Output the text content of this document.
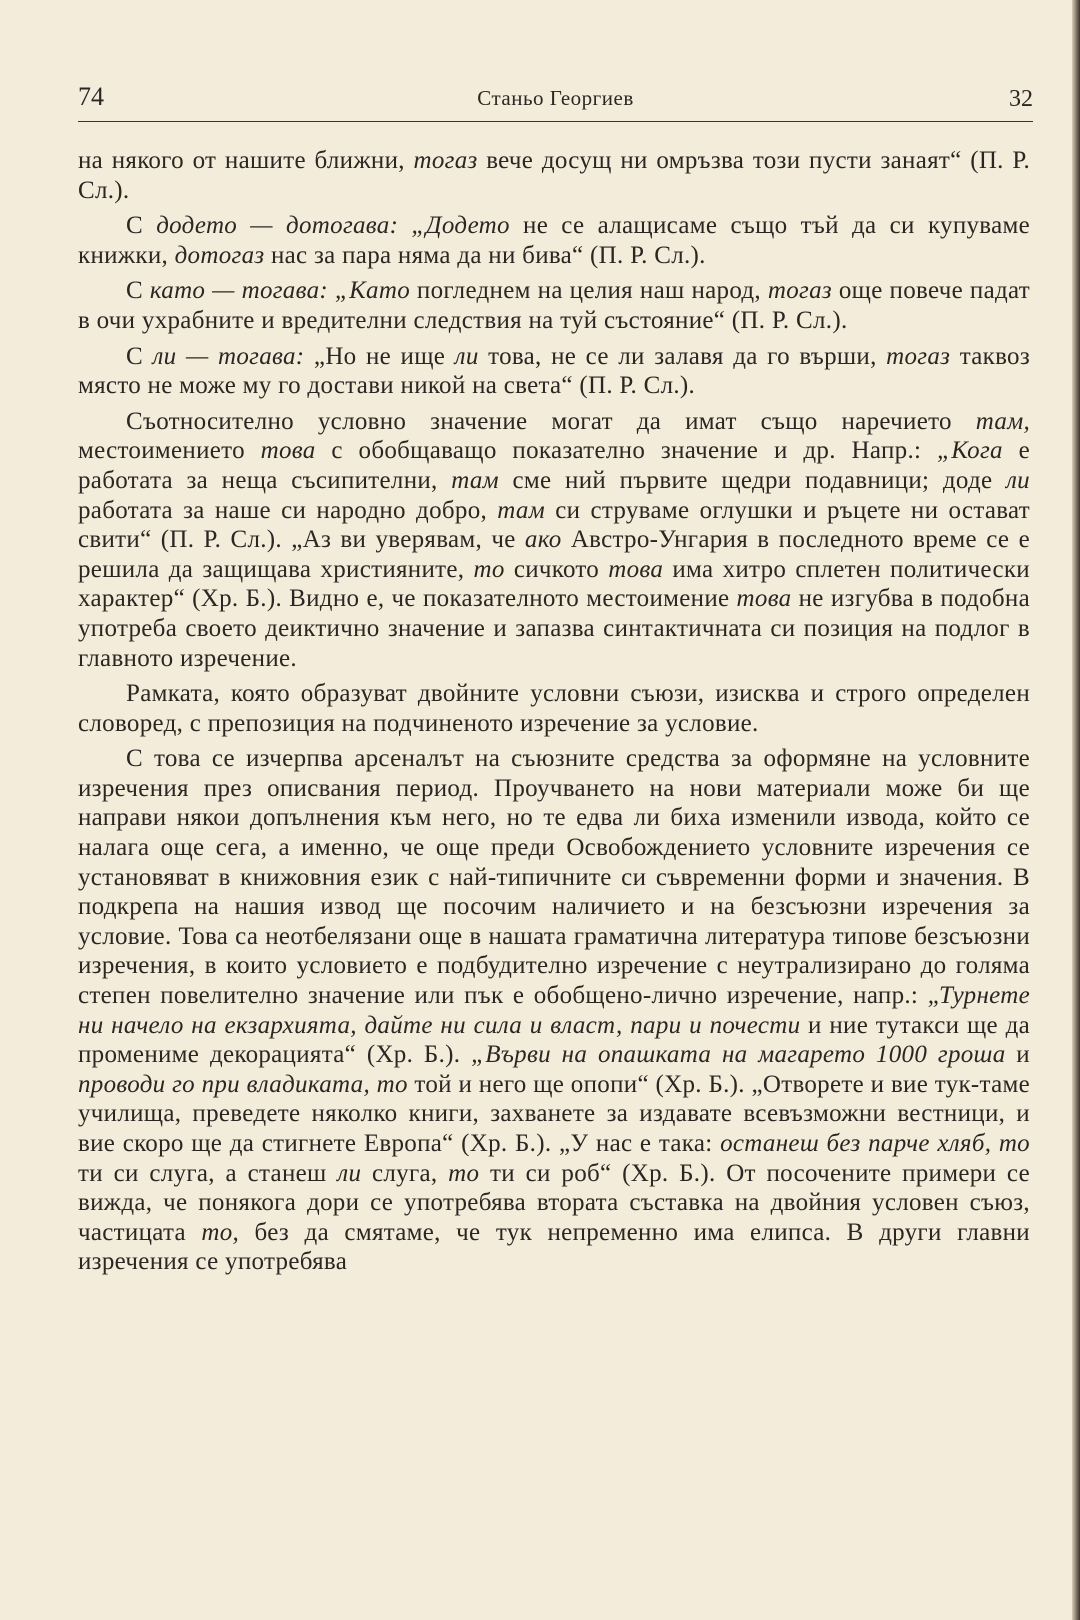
74	Станьо Георгиев	32

на някого от нашите ближни, тогаз вече досущ ни омръзва този пусти занаят“ (П. Р. Сл.).

С додето — дотогава: „Додето не се алащисаме също тъй да си купуваме книжки, дотогаз нас за пара няма да ни бива“ (П. Р. Сл.).

С като — тогава: „Като погледнем на целия наш народ, тогаз още повече падат в очи ухрабните и вредителни следствия на туй състояние“ (П. Р. Сл.).

С ли — тогава: „Но не ище ли това, не се ли залавя да го върши, тогаз таквоз място не може му го достави никой на света“ (П. Р. Сл.).

Съотносително условно значение могат да имат също наречието там, местоимението това с обобщаващо показателно значение и др. Напр.: „Кога е работата за неща съсипителни, там сме ний първите щедри подавници; доде ли работата за наше си народно добро, там си струваме оглушки и ръцете ни остават свити“ (П. Р. Сл.). „Аз ви уверявам, че ако Австро-Унгария в последното време се е решила да защищава християните, то сичкото това има хитро сплетен политически характер“ (Хр. Б.). Видно е, че показателното местоимение това не изгубва в подобна употреба своето деиктично значение и запазва синтактичната си позиция на подлог в главното изречение.

Рамката, която образуват двойните условни съюзи, изисква и строго определен словоред, с препозиция на подчиненото изречение за условие.

С това се изчерпва арсеналът на съюзните средства за оформяне на условните изречения през описвания период. Проучването на нови материали може би ще направи някои допълнения към него, но те едва ли биха изменили извода, който се налага още сега, а именно, че още преди Освобождението условните изречения се установяват в книжовния език с най-типичните си съвременни форми и значения. В подкрепа на нашия извод ще посочим наличието и на безсъюзни изречения за условие. Това са неотбелязани още в нашата граматична литература типове безсъюзни изречения, в които условието е подбудително изречение с неутрализирано до голяма степен повелително значение или пък е обобщено-лично изречение, напр.: „Турнете ни начело на екзархията, дайте ни сила и власт, пари и почести и ние тутакси ще да промениме декорацията“ (Хр. Б.). „Върви на опашката на магарето 1000 гроша и проводи го при владиката, то той и него ще опопи“ (Хр. Б.). „Отворете и вие тук-таме училища, преведете няколко книги, захванете за издавате всевъзможни вестници, и вие скоро ще да стигнете Европа“ (Хр. Б.). „У нас е така: останеш без парче хляб, то ти си слуга, а станеш ли слуга, то ти си роб“ (Хр. Б.). От посочените примери се вижда, че понякога дори се употребява втората съставка на двойния условен съюз, частицата то, без да смятаме, че тук непременно има елипса. В други главни изречения се употребява
